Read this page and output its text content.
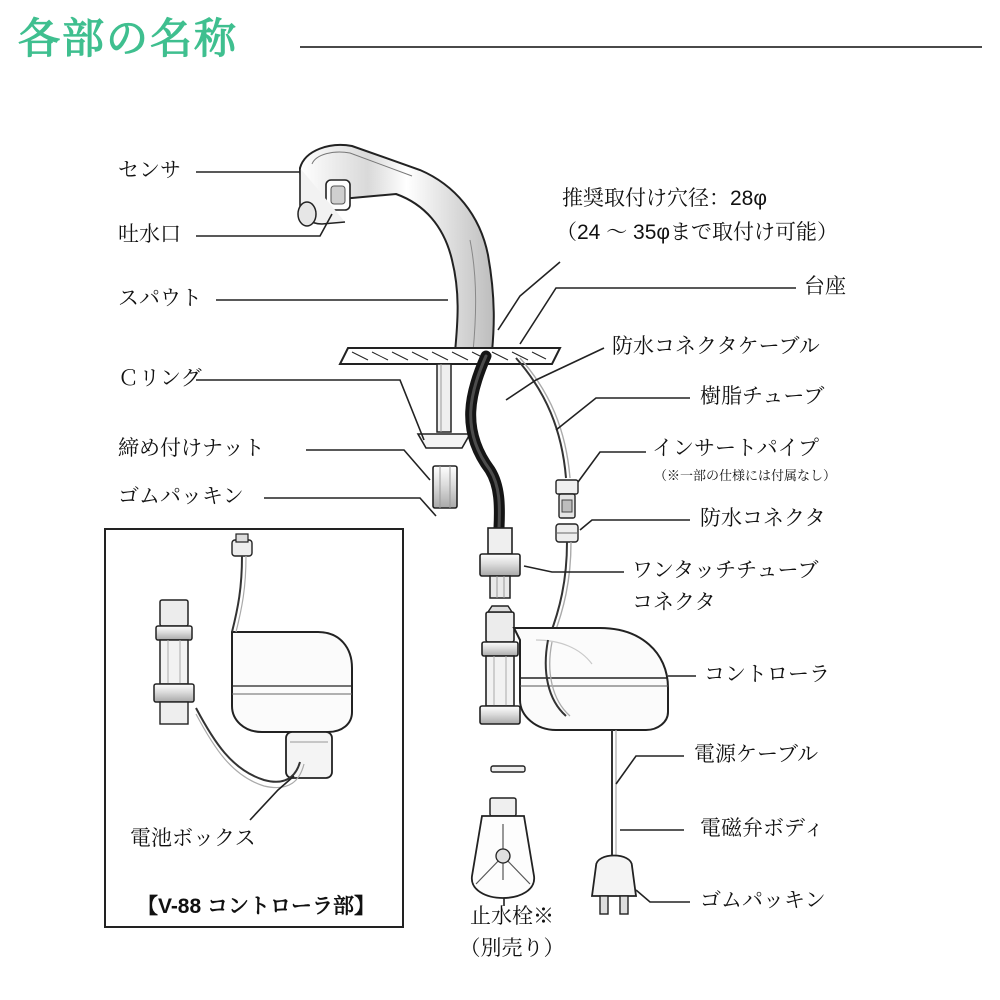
各部の名称
センサ
吐水口
スパウト
Ｃリング
締め付けナット
ゴムパッキン
推奨取付け穴径：28φ
（24 ～ 35φまで取付け可能）
台座
防水コネクタケーブル
樹脂チューブ
インサートパイプ
（※一部の仕様には付属なし）
防水コネクタ
ワンタッチチューブ
コネクタ
コントローラ
電源ケーブル
電磁弁ボディ
ゴムパッキン
止水栓※
（別売り）
電池ボックス
【V-88 コントローラ部】
